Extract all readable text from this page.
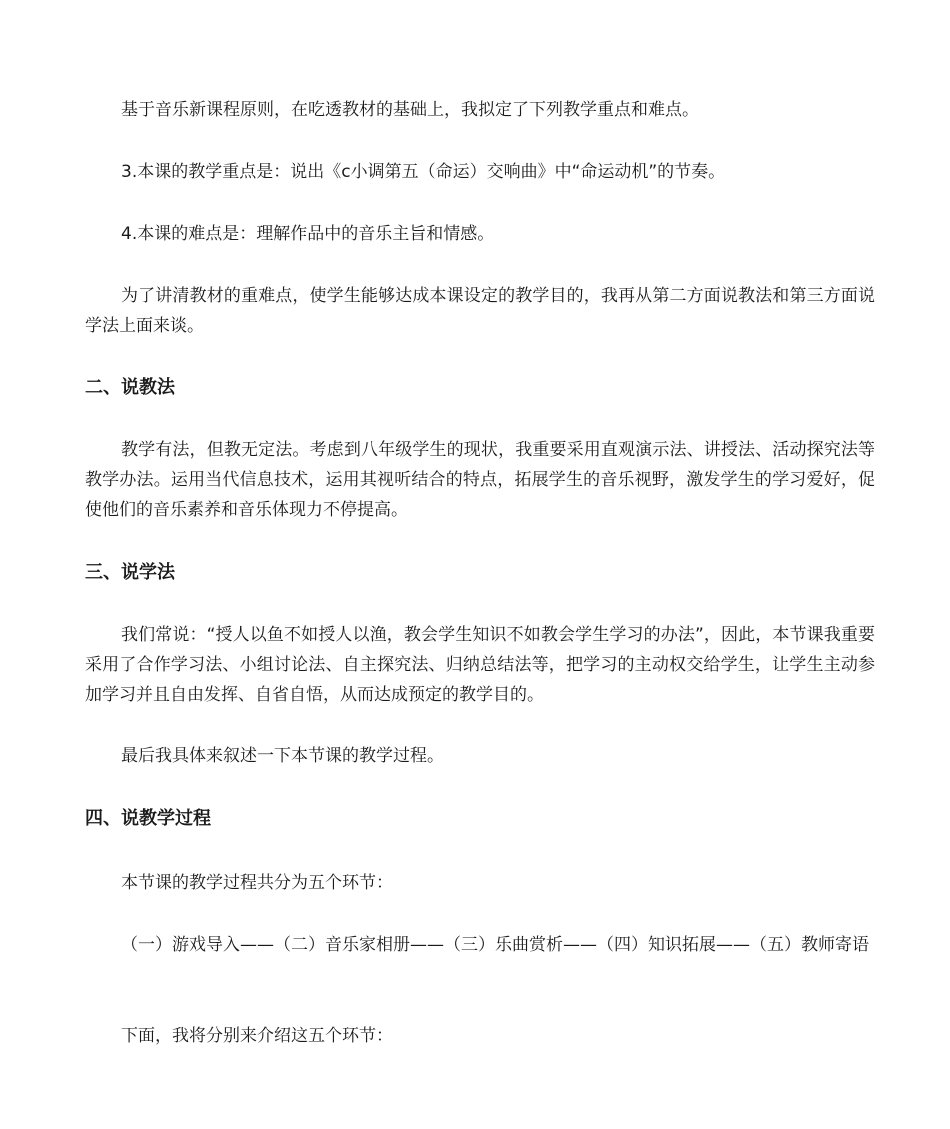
基于音乐新课程原则，在吃透教材的基础上，我拟定了下列教学重点和难点。

3.本课的教学重点是：说出《c小调第五（命运）交响曲》中“命运动机”的节奏。

4.本课的难点是：理解作品中的音乐主旨和情感。

为了讲清教材的重难点，使学生能够达成本课设定的教学目的，我再从第二方面说教法和第三方面说学法上面来谈。

二、说教法

教学有法，但教无定法。考虑到八年级学生的现状，我重要采用直观演示法、讲授法、活动探究法等教学办法。运用当代信息技术，运用其视听结合的特点，拓展学生的音乐视野，激发学生的学习爱好，促使他们的音乐素养和音乐体现力不停提高。

三、说学法

我们常说：“授人以鱼不如授人以渔，教会学生知识不如教会学生学习的办法”，因此，本节课我重要采用了合作学习法、小组讨论法、自主探究法、归纳总结法等，把学习的主动权交给学生，让学生主动参加学习并且自由发挥、自省自悟，从而达成预定的教学目的。

最后我具体来叙述一下本节课的教学过程。

四、说教学过程

本节课的教学过程共分为五个环节：

（一）游戏导入——（二）音乐家相册——（三）乐曲赏析——（四）知识拓展——（五）教师寄语

下面，我将分别来介绍这五个环节：
